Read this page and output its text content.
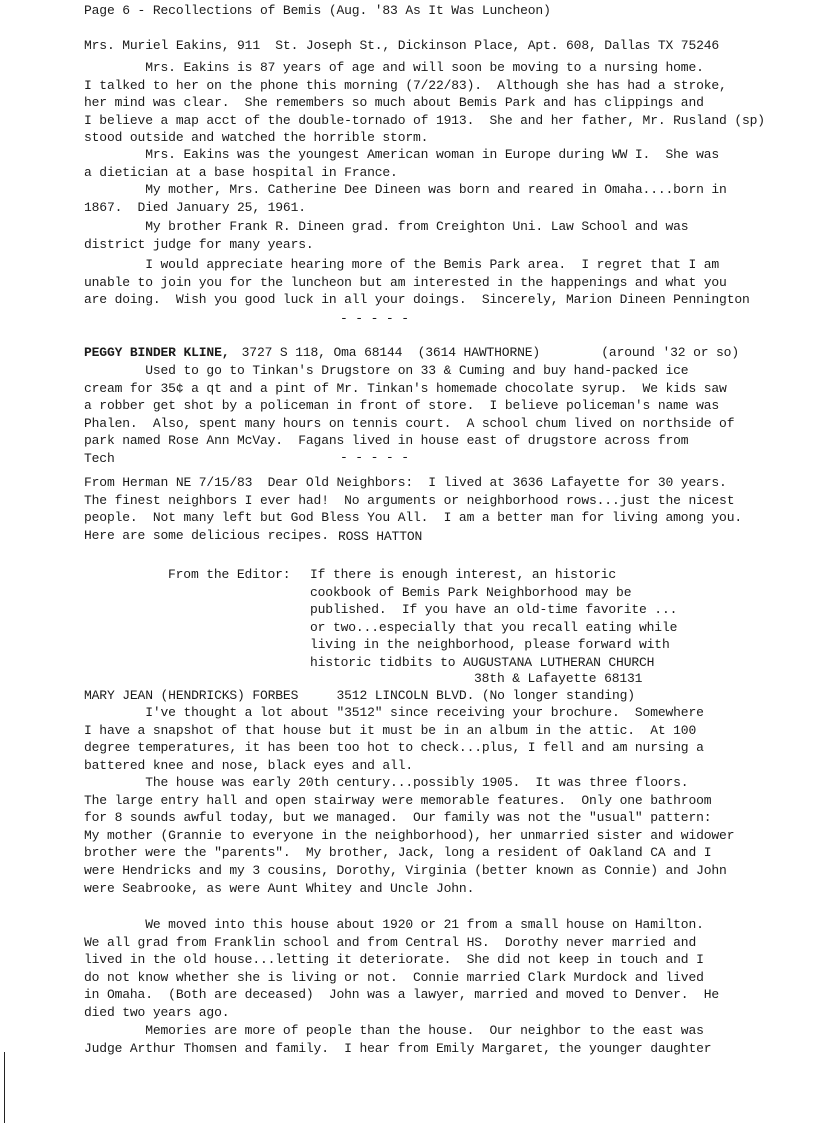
Page 6 - Recollections of Bemis (Aug. '83 As It Was Luncheon)
Mrs. Muriel Eakins, 911  St. Joseph St., Dickinson Place, Apt. 608, Dallas TX 75246
Mrs. Eakins is 87 years of age and will soon be moving to a nursing home.
I talked to her on the phone this morning (7/22/83).  Although she has had a stroke,
her mind was clear.  She remembers so much about Bemis Park and has clippings and
I believe a map acct of the double-tornado of 1913.  She and her father, Mr. Rusland (sp)
stood outside and watched the horrible storm.
Mrs. Eakins was the youngest American woman in Europe during WW I.  She was
a dietician at a base hospital in France.
My mother, Mrs. Catherine Dee Dineen was born and reared in Omaha....born in
1867.  Died January 25, 1961.
My brother Frank R. Dineen grad. from Creighton Uni. Law School and was
district judge for many years.
I would appreciate hearing more of the Bemis Park area.  I regret that I am
unable to join you for the luncheon but am interested in the happenings and what you
are doing.  Wish you good luck in all your doings.  Sincerely, Marion Dineen Pennington
- - - - -
PEGGY BINDER KLINE, 3727 S 118, Oma 68144  (3614 HAWTHORNE)        (around '32 or so)
Used to go to Tinkan's Drugstore on 33 & Cuming and buy hand-packed ice
cream for 35¢ a qt and a pint of Mr. Tinkan's homemade chocolate syrup.  We kids saw
a robber get shot by a policeman in front of store.  I believe policeman's name was
Phalen.  Also, spent many hours on tennis court.  A school chum lived on northside of
park named Rose Ann McVay.  Fagans lived in house east of drugstore across from
Tech	- - - - -
From Herman NE 7/15/83  Dear Old Neighbors:  I lived at 3636 Lafayette for 30 years.
The finest neighbors I ever had!  No arguments or neighborhood rows...just the nicest
people.  Not many left but God Bless You All.  I am a better man for living among you.
Here are some delicious recipes. ROSS HATTON
From the Editor: If there is enough interest, an historic
cookbook of Bemis Park Neighborhood may be
published.  If you have an old-time favorite ...
or two...especially that you recall eating while
living in the neighborhood, please forward with
historic tidbits to AUGUSTANA LUTHERAN CHURCH
38th & Lafayette 68131
MARY JEAN (HENDRICKS) FORBES     3512 LINCOLN BLVD. (No longer standing)
I've thought a lot about "3512" since receiving your brochure.  Somewhere
I have a snapshot of that house but it must be in an album in the attic.  At 100
degree temperatures, it has been too hot to check...plus, I fell and am nursing a
battered knee and nose, black eyes and all.
The house was early 20th century...possibly 1905.  It was three floors.
The large entry hall and open stairway were memorable features.  Only one bathroom
for 8 sounds awful today, but we managed.  Our family was not the "usual" pattern:
My mother (Grannie to everyone in the neighborhood), her unmarried sister and widower
brother were the "parents".  My brother, Jack, long a resident of Oakland CA and I
were Hendricks and my 3 cousins, Dorothy, Virginia (better known as Connie) and John
were Seabrooke, as were Aunt Whitey and Uncle John.
We moved into this house about 1920 or 21 from a small house on Hamilton.
We all grad from Franklin school and from Central HS.  Dorothy never married and
lived in the old house...letting it deteriorate.  She did not keep in touch and I
do not know whether she is living or not.  Connie married Clark Murdock and lived
in Omaha.  (Both are deceased)  John was a lawyer, married and moved to Denver.  He
died two years ago.
Memories are more of people than the house.  Our neighbor to the east was
Judge Arthur Thomsen and family.  I hear from Emily Margaret, the younger daughter
